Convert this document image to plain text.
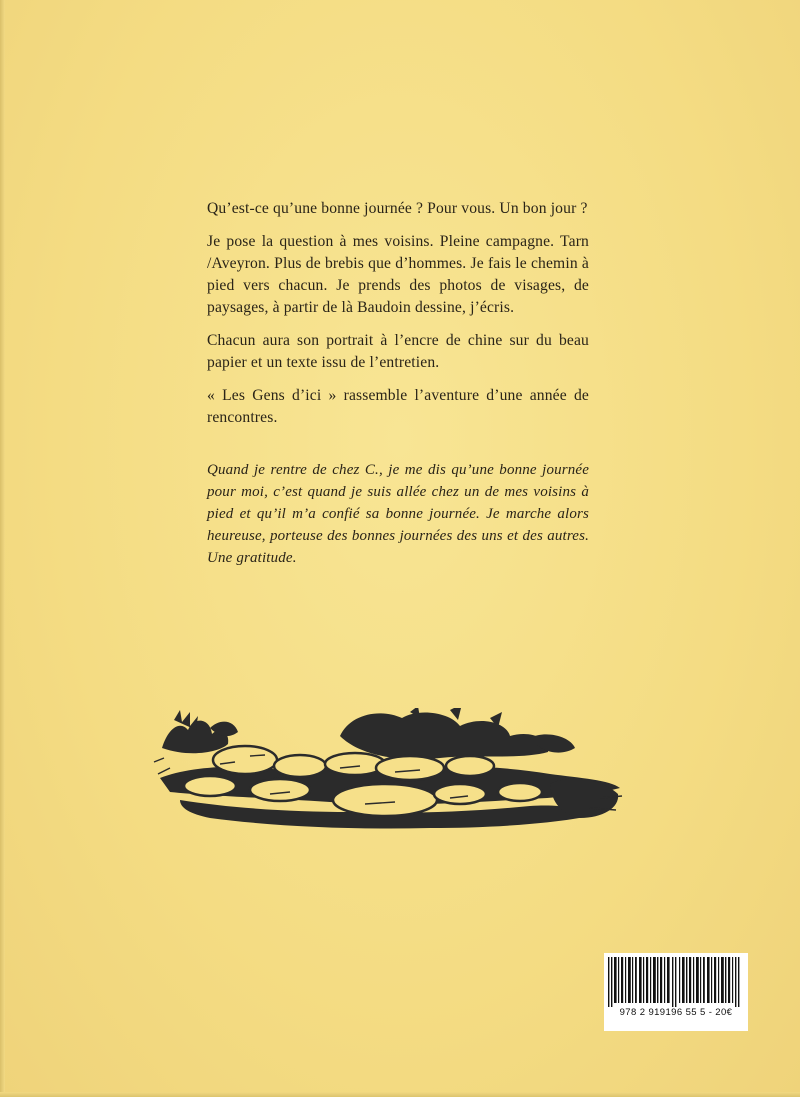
Qu’est-ce qu’une bonne journée ? Pour vous. Un bon jour ?

Je pose la question à mes voisins. Pleine campagne. Tarn /Aveyron. Plus de brebis que d’hommes. Je fais le chemin à pied vers chacun. Je prends des photos de visages, de paysages, à partir de là Baudoin dessine, j’écris.

Chacun aura son portrait à l’encre de chine sur du beau papier et un texte issu de l’entretien.

« Les Gens d’ici » rassemble l’aventure d’une année de rencontres.

Quand je rentre de chez C., je me dis qu’une bonne journée pour moi, c’est quand je suis allée chez un de mes voisins à pied et qu’il m’a confié sa bonne journée. Je marche alors heureuse, porteuse des bonnes journées des uns et des autres. Une gratitude.

978 2 919196 55 5 - 20€
